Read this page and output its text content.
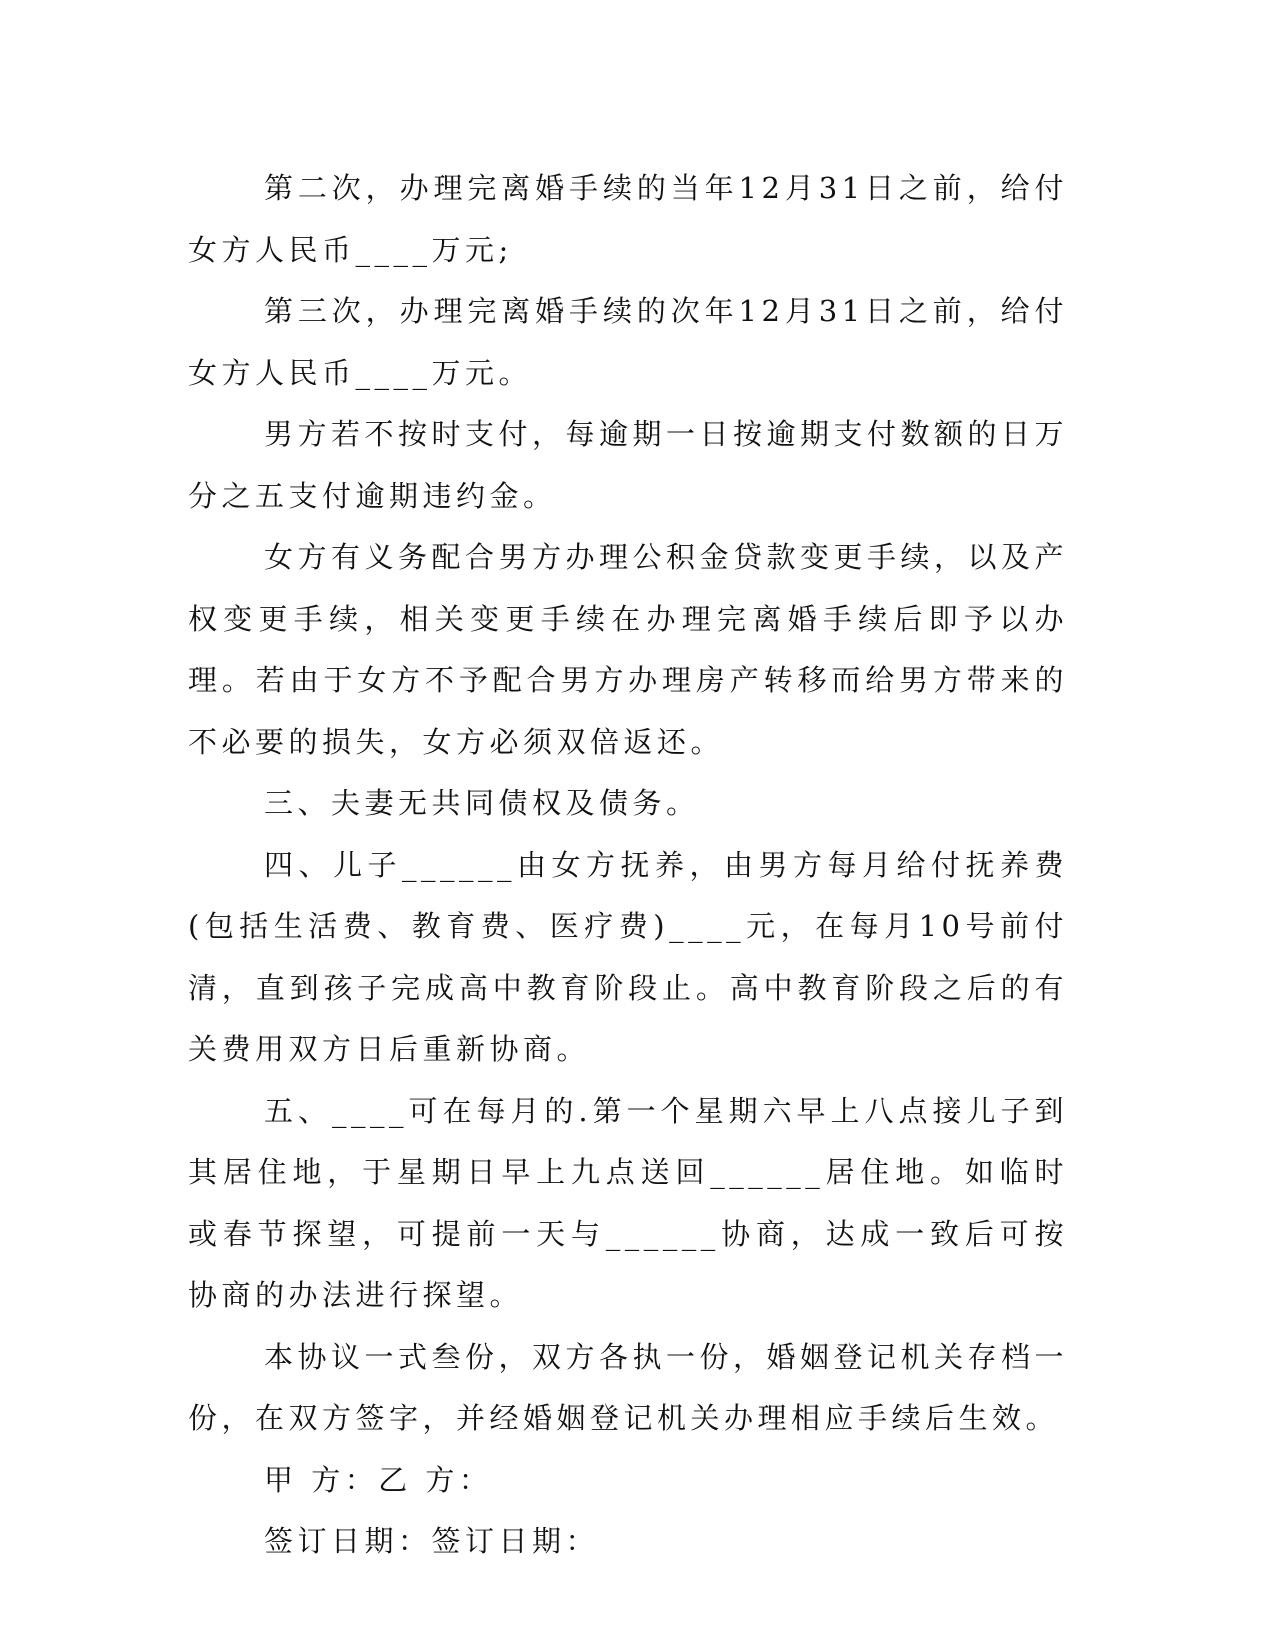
第二次，办理完离婚手续的当年12月31日之前，给付女方人民币____万元;

第三次，办理完离婚手续的次年12月31日之前，给付女方人民币____万元。

男方若不按时支付，每逾期一日按逾期支付数额的日万分之五支付逾期违约金。

女方有义务配合男方办理公积金贷款变更手续，以及产权变更手续，相关变更手续在办理完离婚手续后即予以办理。若由于女方不予配合男方办理房产转移而给男方带来的不必要的损失，女方必须双倍返还。

三、夫妻无共同债权及债务。

四、儿子______由女方抚养，由男方每月给付抚养费(包括生活费、教育费、医疗费)____元，在每月10号前付清，直到孩子完成高中教育阶段止。高中教育阶段之后的有关费用双方日后重新协商。

五、____可在每月的.第一个星期六早上八点接儿子到其居住地，于星期日早上九点送回______居住地。如临时或春节探望，可提前一天与______协商，达成一致后可按协商的办法进行探望。

本协议一式叁份，双方各执一份，婚姻登记机关存档一份，在双方签字，并经婚姻登记机关办理相应手续后生效。

甲 方：乙 方：

签订日期：签订日期：
